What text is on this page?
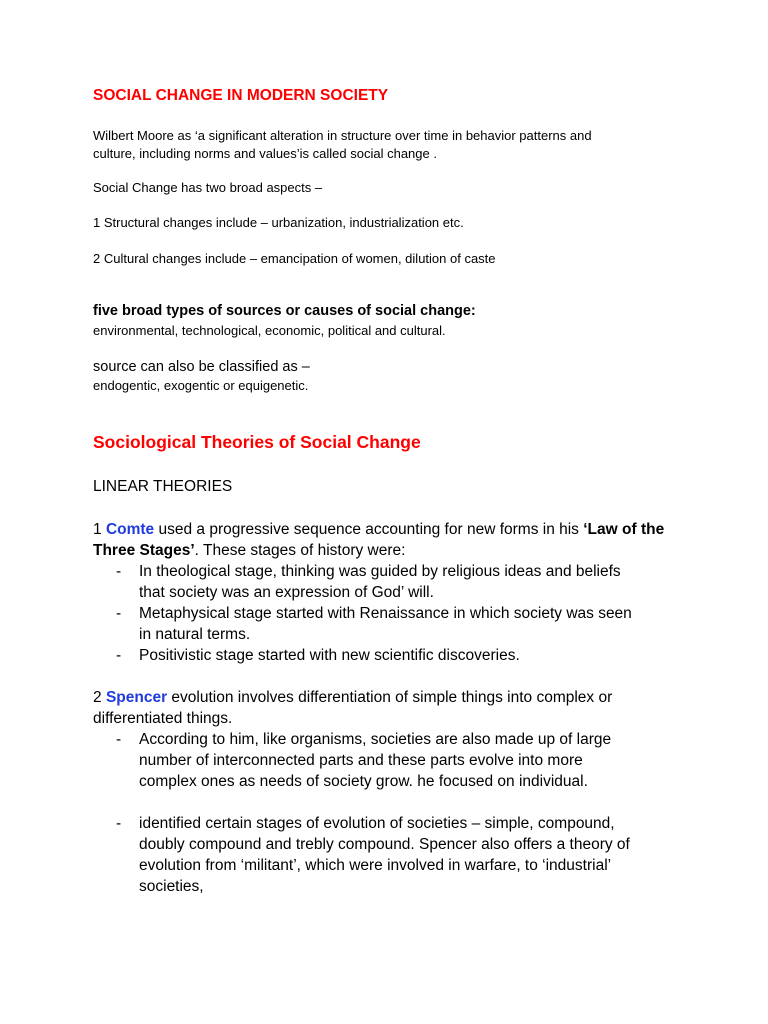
SOCIAL CHANGE IN MODERN SOCIETY
Wilbert Moore as ‘a significant alteration in structure over time in behavior patterns and
culture, including norms and values’is called social change .
Social Change has two broad aspects –
1 Structural changes include – urbanization, industrialization etc.
2 Cultural changes include – emancipation of women, dilution of caste
five broad types of sources or causes of social change:
environmental, technological, economic, political and cultural.
source can also be classified as –
endogentic, exogentic or equigenetic.
Sociological Theories of Social Change
LINEAR THEORIES
1 Comte used a progressive sequence accounting for new forms in his ‘Law of the Three Stages’. These stages of history were:
- In theological stage, thinking was guided by religious ideas and beliefs
that society was an expression of God’ will.
- Metaphysical stage started with Renaissance in which society was seen
in natural terms.
- Positivistic stage started with new scientific discoveries.
2 Spencer evolution involves differentiation of simple things into complex or
differentiated things.
- According to him, like organisms, societies are also made up of large
number of interconnected parts and these parts evolve into more
complex ones as needs of society grow. he focused on individual.
- identified certain stages of evolution of societies – simple, compound,
doubly compound and trebly compound. Spencer also offers a theory of
evolution from ‘militant’, which were involved in warfare, to ‘industrial’
societies,
